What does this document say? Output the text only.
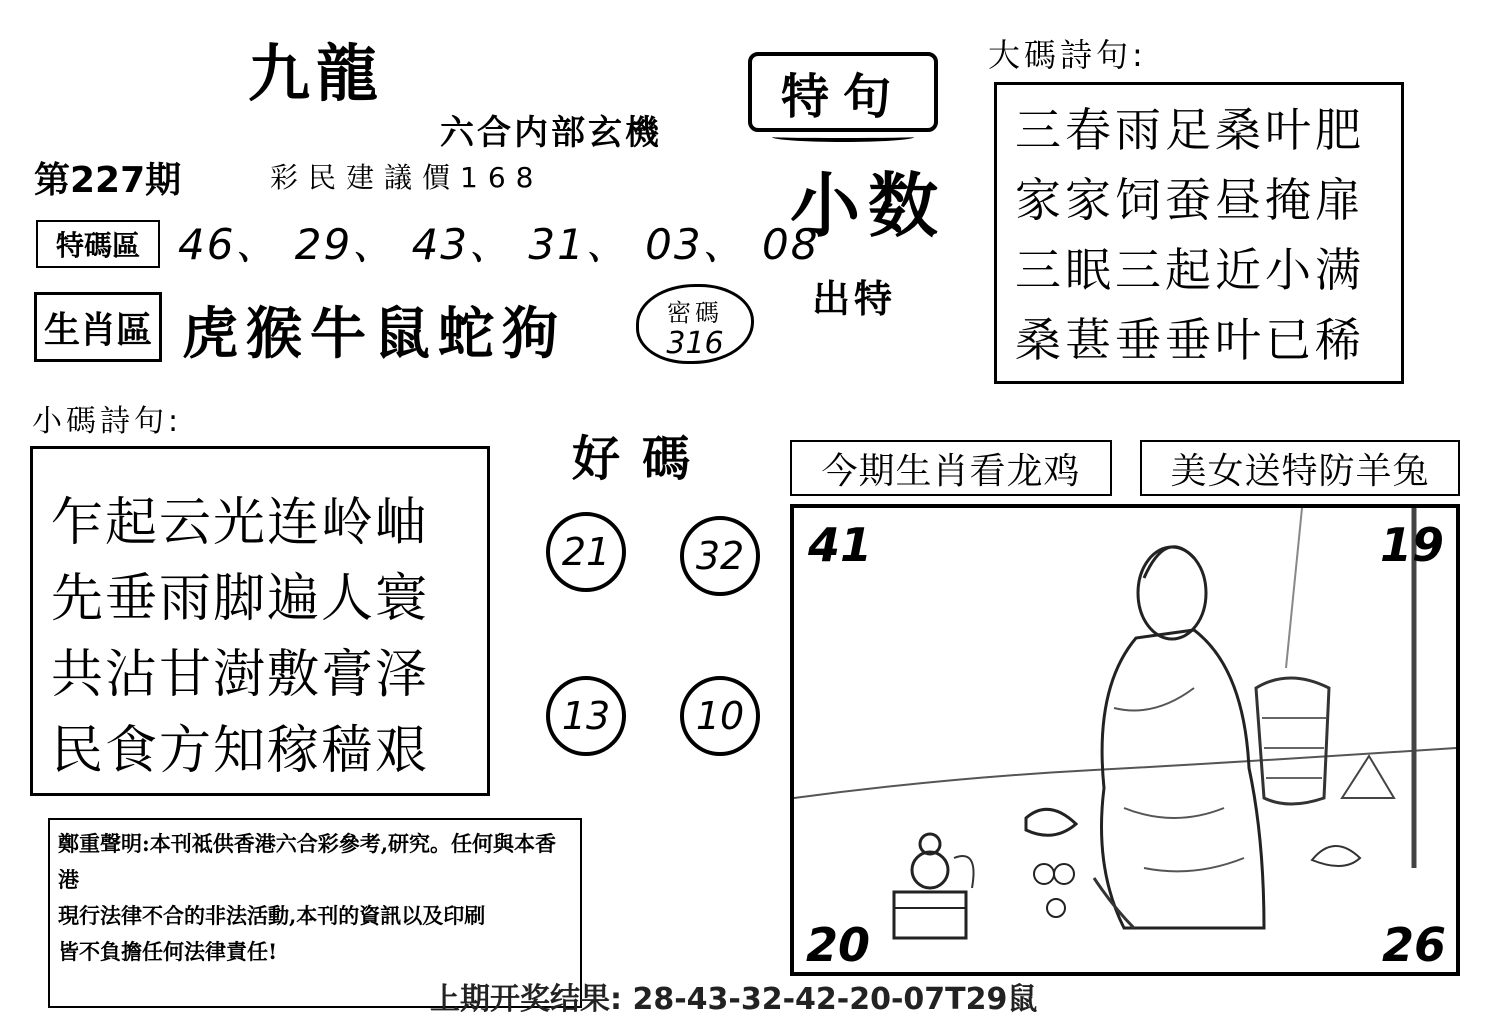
九龍
六合内部玄機
第227期	彩民建議價168
特句
小数
出特
特碼區 46、 29、 43、 31、 03、 08
生肖區 虎猴牛鼠蛇狗	密碼
316
大碼詩句:
三春雨足桑叶肥
家家饲蚕昼掩扉
三眠三起近小满
桑葚垂垂叶已稀
小碼詩句:
乍起云光连岭岫
先垂雨脚遍人寰
共沾甘澍敷膏泽
民食方知稼穑艰
好碼
21	32
13	10
今期生肖看龙鸡	美女送特防羊兔
41	19
20	26
鄭重聲明:本刊祗供香港六合彩參考,研究。任何與本香港
現行法律不合的非法活動,本刊的資訊以及印刷
皆不負擔任何法律責任!
上期开奖结果: 28-43-32-42-20-07T29鼠
